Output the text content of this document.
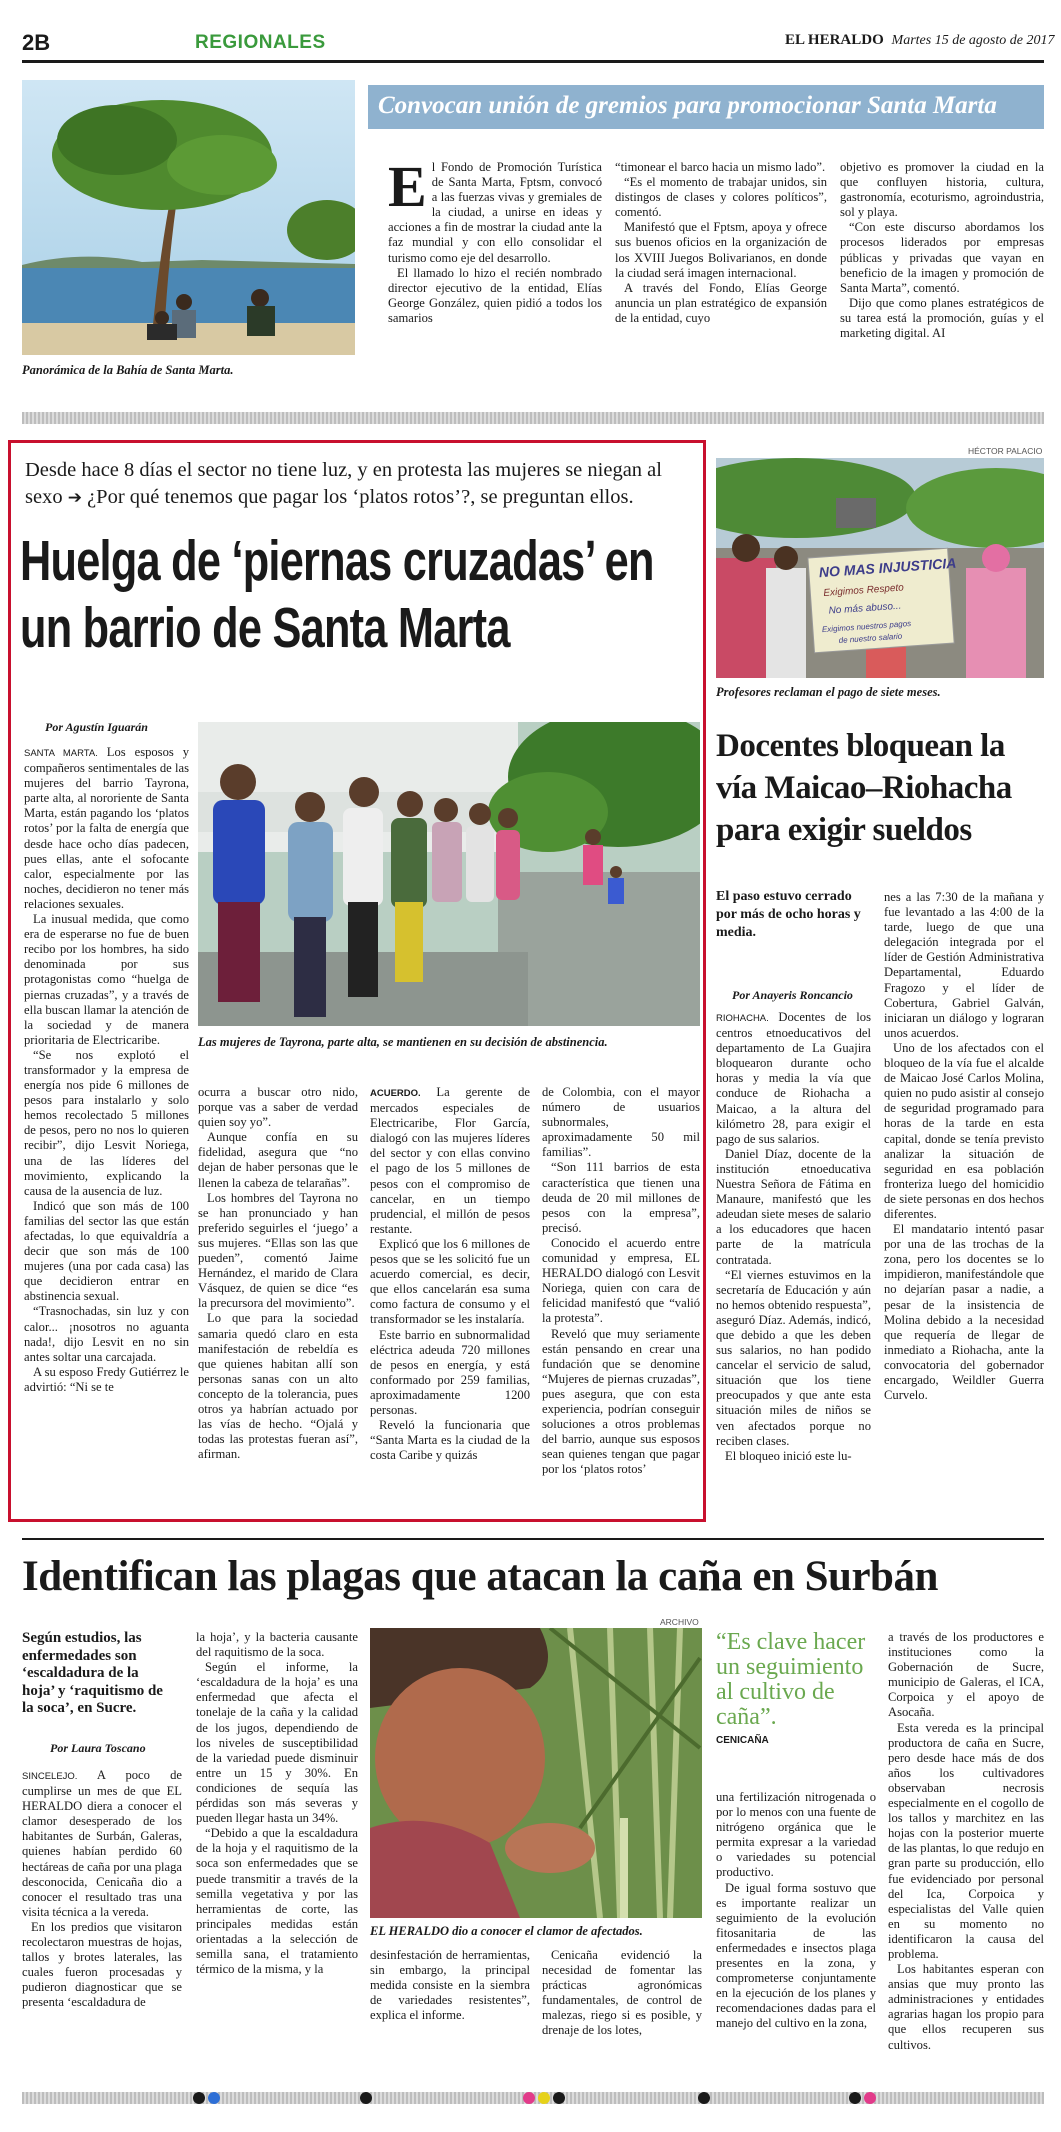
2B	REGIONALES	EL HERALDO Martes 15 de agosto de 2017
Panorámica de la Bahía de Santa Marta.
Convocan unión de gremios para promocionar Santa Marta
E l Fondo de Promoción Turística de Santa Marta, Fptsm, convocó a las fuerzas vivas y gremiales de la ciudad, a unirse en ideas y acciones a fin de mostrar la ciudad ante la faz mundial y con ello consolidar el turismo como eje del desarrollo.

El llamado lo hizo el recién nombrado director ejecutivo de la entidad, Elías George González, quien pidió a todos los samarios

“timonear el barco hacia un mismo lado”.

“Es el momento de trabajar unidos, sin distingos de clases y colores políticos”, comentó.

Manifestó que el Fptsm, apoya y ofrece sus buenos oficios en la organización de los XVIII Juegos Bolivarianos, en donde la ciudad será imagen internacional.

A través del Fondo, Elías George anuncia un plan estratégico de expansión de la entidad, cuyo

objetivo es promover la ciudad en la que confluyen historia, cultura, gastronomía, ecoturismo, agroindustria, sol y playa.

“Con este discurso abordamos los procesos liderados por empresas públicas y privadas que vayan en beneficio de la imagen y promoción de Santa Marta”, comentó.

Dijo que como planes estratégicos de su tarea está la promoción, guías y el marketing digital. AI

Desde hace 8 días el sector no tiene luz, y en protesta las mujeres se niegan al sexo ➔ ¿Por qué tenemos que pagar los ‘platos rotos’?, se preguntan ellos.
Huelga de ‘piernas cruzadas’ en un barrio de Santa Marta
Por Agustín Iguarán
Las mujeres de Tayrona, parte alta, se mantienen en su decisión de abstinencia.

SANTA MARTA. Los esposos y compañeros sentimentales de las mujeres del barrio Tayrona, parte alta, al nororiente de Santa Marta, están pagando los ‘platos rotos’ por la falta de energía que desde hace ocho días padecen, pues ellas, ante el sofocante calor, especialmente por las noches, decidieron no tener más relaciones sexuales.

La inusual medida, que como era de esperarse no fue de buen recibo por los hombres, ha sido denominada por sus protagonistas como “huelga de piernas cruzadas”, y a través de ella buscan llamar la atención de la sociedad y de manera prioritaria de Electricaribe.

“Se nos explotó el transformador y la empresa de energía nos pide 6 millones de pesos para instalarlo y solo hemos recolectado 5 millones de pesos, pero no nos lo quieren recibir”, dijo Lesvit Noriega, una de las líderes del movimiento, explicando la causa de la ausencia de luz.

Indicó que son más de 100 familias del sector las que están afectadas, lo que equivaldría a decir que son más de 100 mujeres (una por cada casa) las que decidieron entrar en abstinencia sexual.

“Trasnochadas, sin luz y con calor... ¡nosotros no aguanta nada!, dijo Lesvit en no sin antes soltar una carcajada.

A su esposo Fredy Gutiérrez le advirtió: “Ni se te

ocurra a buscar otro nido, porque vas a saber de verdad quien soy yo”.

Aunque confía en su fidelidad, asegura que “no dejan de haber personas que le llenen la cabeza de telarañas”.

Los hombres del Tayrona no se han pronunciado y han preferido seguirles el ‘juego’ a sus mujeres. “Ellas son las que pueden”, comentó Jaime Hernández, el marido de Clara Vásquez, de quien se dice “es la precursora del movimiento”.

Lo que para la sociedad samaria quedó claro en esta manifestación de rebeldía es que quienes habitan allí son personas sanas con un alto concepto de la tolerancia, pues otros ya habrían actuado por las vías de hecho. “Ojalá y todas las protestas fueran así”, afirman.

ACUERDO. La gerente de mercados especiales de Electricaribe, Flor García, dialogó con las mujeres líderes del sector y con ellas convino el pago de los 5 millones de pesos con el compromiso de cancelar, en un tiempo prudencial, el millón de pesos restante.

Explicó que los 6 millones de pesos que se les solicitó fue un acuerdo comercial, es decir, que ellos cancelarán esa suma como factura de consumo y el transformador se les instalaría.

Este barrio en subnormalidad eléctrica adeuda 720 millones de pesos en energía, y está conformado por 259 familias, aproximadamente 1200 personas.

Reveló la funcionaria que “Santa Marta es la ciudad de la costa Caribe y quizás

de Colombia, con el mayor número de usuarios subnormales, aproximadamente 50 mil familias”.

“Son 111 barrios de esta característica que tienen una deuda de 20 mil millones de pesos con la empresa”, precisó.

Conocido el acuerdo entre comunidad y empresa, EL HERALDO dialogó con Lesvit Noriega, quien con cara de felicidad manifestó que “valió la protesta”.

Reveló que muy seriamente están pensando en crear una fundación que se denomine “Mujeres de piernas cruzadas”, pues asegura, que con esta experiencia, podrían conseguir soluciones a otros problemas del barrio, aunque sus esposos sean quienes tengan que pagar por los ‘platos rotos’

HÉCTOR PALACIO
NO MAS INJUSTICIA
Exigimos Respeto
No más abuso...
Exigimos nuestros pagos
de nuestro salario
Profesores reclaman el pago de siete meses.
Docentes bloquean la vía Maicao–Riohacha para exigir sueldos
El paso estuvo cerrado por más de ocho horas y media.
Por Anayeris Roncancio

RIOHACHA. Docentes de los centros etnoeducativos del departamento de La Guajira bloquearon durante ocho horas y media la vía que conduce de Riohacha a Maicao, a la altura del kilómetro 28, para exigir el pago de sus salarios.

Daniel Díaz, docente de la institución etnoeducativa Nuestra Señora de Fátima en Manaure, manifestó que les adeudan siete meses de salario a los educadores que hacen parte de la matrícula contratada.

“El viernes estuvimos en la secretaría de Educación y aún no hemos obtenido respuesta”, aseguró Díaz. Además, indicó, que debido a que les deben sus salarios, no han podido cancelar el servicio de salud, situación que los tiene preocupados y que ante esta situación miles de niños se ven afectados porque no reciben clases.

El bloqueo inició este lu-

nes a las 7:30 de la mañana y fue levantado a las 4:00 de la tarde, luego de que una delegación integrada por el líder de Gestión Administrativa Departamental, Eduardo Fragozo y el líder de Cobertura, Gabriel Galván, iniciaran un diálogo y lograran unos acuerdos.

Uno de los afectados con el bloqueo de la vía fue el alcalde de Maicao José Carlos Molina, quien no pudo asistir al consejo de seguridad programado para horas de la tarde en esta capital, donde se tenía previsto analizar la situación de seguridad en esa población fronteriza luego del homicidio de siete personas en dos hechos diferentes.

El mandatario intentó pasar por una de las trochas de la zona, pero los docentes se lo impidieron, manifestándole que no dejarían pasar a nadie, a pesar de la insistencia de Molina debido a la necesidad que requería de llegar de inmediato a Riohacha, ante la convocatoria del gobernador encargado, Weildler Guerra Curvelo.

Identifican las plagas que atacan la caña en Surbán
Según estudios, las enfermedades son ‘escaldadura de la hoja’ y ‘raquitismo de la soca’, en Sucre.
Por Laura Toscano

SINCELEJO. A poco de cumplirse un mes de que EL HERALDO diera a conocer el clamor desesperado de los habitantes de Surbán, Galeras, quienes habían perdido 60 hectáreas de caña por una plaga desconocida, Cenicaña dio a conocer el resultado tras una visita técnica a la vereda.

En los predios que visitaron recolectaron muestras de hojas, tallos y brotes laterales, las cuales fueron procesadas y pudieron diagnosticar que se presenta ‘escaldadura de

la hoja’, y la bacteria causante del raquitismo de la soca.

Según el informe, la ‘escaldadura de la hoja’ es una enfermedad que afecta el tonelaje de la caña y la calidad de los jugos, dependiendo de los niveles de susceptibilidad de la variedad puede disminuir entre un 15 y 30%. En condiciones de sequía las pérdidas son más severas y pueden llegar hasta un 34%.

“Debido a que la escaldadura de la hoja y el raquitismo de la soca son enfermedades que se puede transmitir a través de la semilla vegetativa y por las herramientas de corte, las principales medidas están orientadas a la selección de semilla sana, el tratamiento térmico de la misma, y la

ARCHIVO
EL HERALDO dio a conocer el clamor de afectados.
“Es clave hacer un seguimiento al cultivo de caña”.
CENICAÑA

desinfestación de herramientas, sin embargo, la principal medida consiste en la siembra de variedades resistentes”, explica el informe.

Cenicaña evidenció la necesidad de fomentar las prácticas agronómicas fundamentales, de control de malezas, riego si es posible, y drenaje de los lotes,

una fertilización nitrogenada o por lo menos con una fuente de nitrógeno orgánica que le permita expresar a la variedad o variedades su potencial productivo.

De igual forma sostuvo que es importante realizar un seguimiento de la evolución fitosanitaria de las enfermedades e insectos plaga presentes en la zona, y comprometerse conjuntamente en la ejecución de los planes y recomendaciones dadas para el manejo del cultivo en la zona,

a través de los productores e instituciones como la Gobernación de Sucre, municipio de Galeras, el ICA, Corpoica y el apoyo de Asocaña.

Esta vereda es la principal productora de caña en Sucre, pero desde hace más de dos años los cultivadores observaban necrosis especialmente en el cogollo de los tallos y marchitez en las hojas con la posterior muerte de las plantas, lo que redujo en gran parte su producción, ello fue evidenciado por personal del Ica, Corpoica y especialistas del Valle quien en su momento no identificaron la causa del problema.

Los habitantes esperan con ansias que muy pronto las administraciones y entidades agrarias hagan los propio para que ellos recuperen sus cultivos.
